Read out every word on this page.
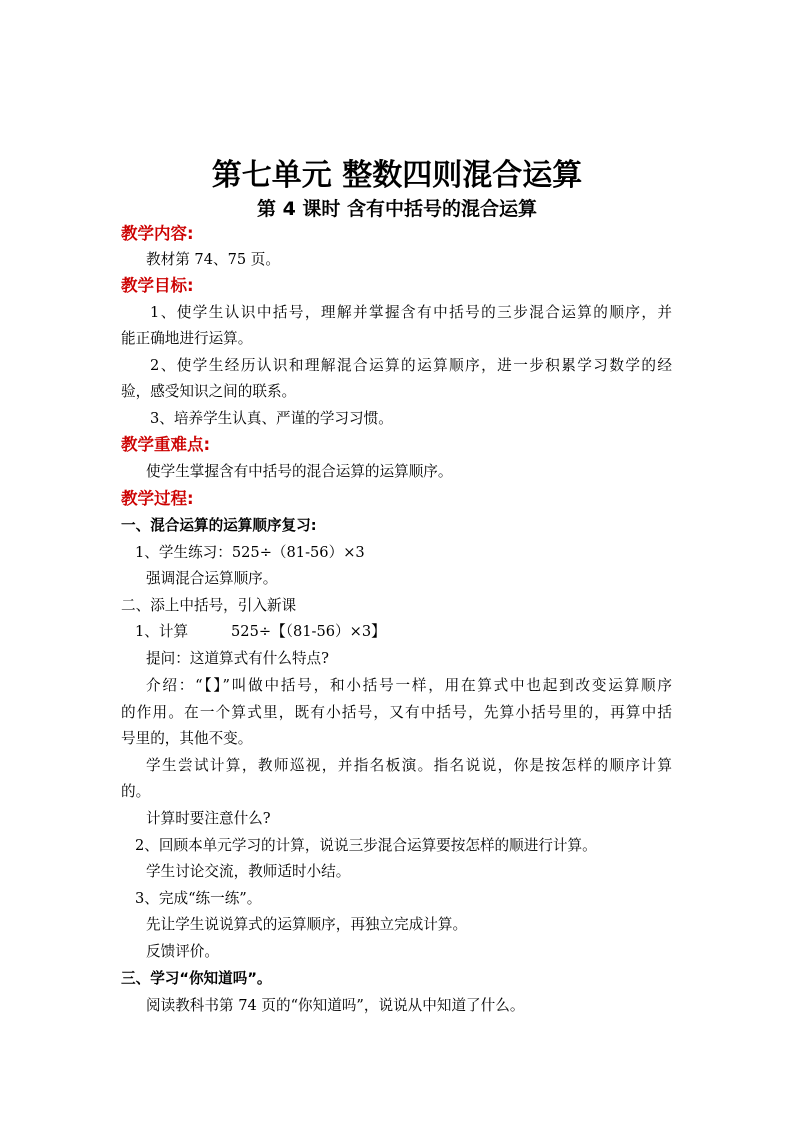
第七单元 整数四则混合运算
第 4 课时 含有中括号的混合运算
教学内容:
教材第 74、75 页。
教学目标:
1、使学生认识中括号，理解并掌握含有中括号的三步混合运算的顺序，并
能正确地进行运算。
2、使学生经历认识和理解混合运算的运算顺序，进一步积累学习数学的经
验，感受知识之间的联系。
3、培养学生认真、严谨的学习习惯。
教学重难点:
使学生掌握含有中括号的混合运算的运算顺序。
教学过程:
一、混合运算的运算顺序复习:
1、学生练习：525÷（81-56）×3
强调混合运算顺序。
二、添上中括号，引入新课
1、计算	525÷【（81-56）×3】
提问：这道算式有什么特点?
介绍：“【】”叫做中括号，和小括号一样，用在算式中也起到改变运算顺序
的作用。在一个算式里，既有小括号，又有中括号，先算小括号里的，再算中括
号里的，其他不变。
学生尝试计算，教师巡视，并指名板演。指名说说，你是按怎样的顺序计算
的。
计算时要注意什么?
2、回顾本单元学习的计算，说说三步混合运算要按怎样的顺进行计算。
学生讨论交流，教师适时小结。
3、完成“练一练”。
先让学生说说算式的运算顺序，再独立完成计算。
反馈评价。
三、学习“你知道吗”。
阅读教科书第 74 页的“你知道吗”，说说从中知道了什么。
